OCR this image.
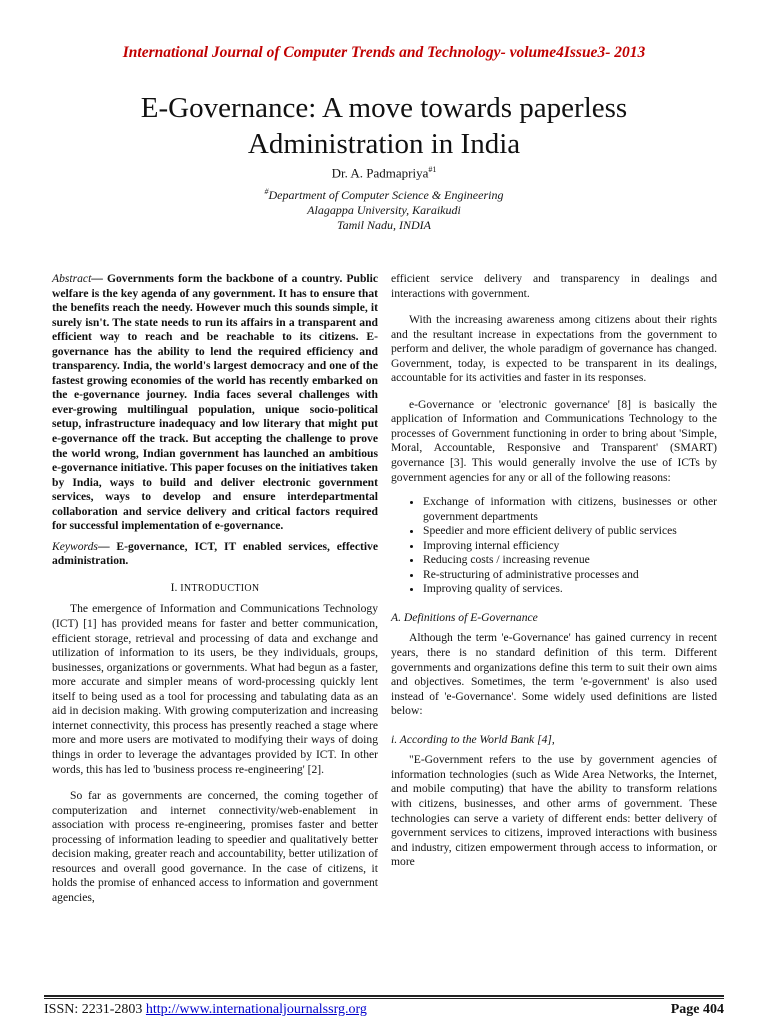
International Journal of Computer Trends and Technology- volume4Issue3- 2013
E-Governance: A move towards paperless
Administration in India
Dr. A. Padmapriya$^{\#1}$
#Department of Computer Science & Engineering
Alagappa University, Karaikudi
Tamil Nadu, INDIA

Abstract— Governments form the backbone of a country. Public welfare is the key agenda of any government. It has to ensure that the benefits reach the needy. However much this sounds simple, it surely isn't. The state needs to run its affairs in a transparent and efficient way to reach and be reachable to its citizens. E-governance has the ability to lend the required efficiency and transparency. India, the world's largest democracy and one of the fastest growing economies of the world has recently embarked on the e-governance journey. India faces several challenges with ever-growing multilingual population, unique socio-political setup, infrastructure inadequacy and low literary that might put e-governance off the track. But accepting the challenge to prove the world wrong, Indian government has launched an ambitious e-governance initiative. This paper focuses on the initiatives taken by India, ways to build and deliver electronic government services, ways to develop and ensure interdepartmental collaboration and service delivery and critical factors required for successful implementation of e-governance.

Keywords— E-governance, ICT, IT enabled services, effective administration.

I. INTRODUCTION

The emergence of Information and Communications Technology (ICT) [1] has provided means for faster and better communication, efficient storage, retrieval and processing of data and exchange and utilization of information to its users, be they individuals, groups, businesses, organizations or governments. What had begun as a faster, more accurate and simpler means of word-processing quickly lent itself to being used as a tool for processing and tabulating data as an aid in decision making. With growing computerization and increasing internet connectivity, this process has presently reached a stage where more and more users are motivated to modifying their ways of doing things in order to leverage the advantages provided by ICT. In other words, this has led to 'business process re-engineering' [2].

So far as governments are concerned, the coming together of computerization and internet connectivity/web-enablement in association with process re-engineering, promises faster and better processing of information leading to speedier and qualitatively better decision making, greater reach and accountability, better utilization of resources and overall good governance. In the case of citizens, it holds the promise of enhanced access to information and government agencies,

efficient service delivery and transparency in dealings and interactions with government.

With the increasing awareness among citizens about their rights and the resultant increase in expectations from the government to perform and deliver, the whole paradigm of governance has changed. Government, today, is expected to be transparent in its dealings, accountable for its activities and faster in its responses.

e-Governance or 'electronic governance' [8] is basically the application of Information and Communications Technology to the processes of Government functioning in order to bring about 'Simple, Moral, Accountable, Responsive and Transparent' (SMART) governance [3]. This would generally involve the use of ICTs by government agencies for any or all of the following reasons:

• Exchange of information with citizens, businesses or other government departments
• Speedier and more efficient delivery of public services
• Improving internal efficiency
• Reducing costs / increasing revenue
• Re-structuring of administrative processes and
• Improving quality of services.

A. Definitions of E-Governance

Although the term 'e-Governance' has gained currency in recent years, there is no standard definition of this term. Different governments and organizations define this term to suit their own aims and objectives. Sometimes, the term 'e-government' is also used instead of 'e-Governance'. Some widely used definitions are listed below:

i. According to the World Bank [4],

"E-Government refers to the use by government agencies of information technologies (such as Wide Area Networks, the Internet, and mobile computing) that have the ability to transform relations with citizens, businesses, and other arms of government. These technologies can serve a variety of different ends: better delivery of government services to citizens, improved interactions with business and industry, citizen empowerment through access to information, or more

ISSN: 2231-2803 http://www.internationaljournalssrg.org	Page 404
